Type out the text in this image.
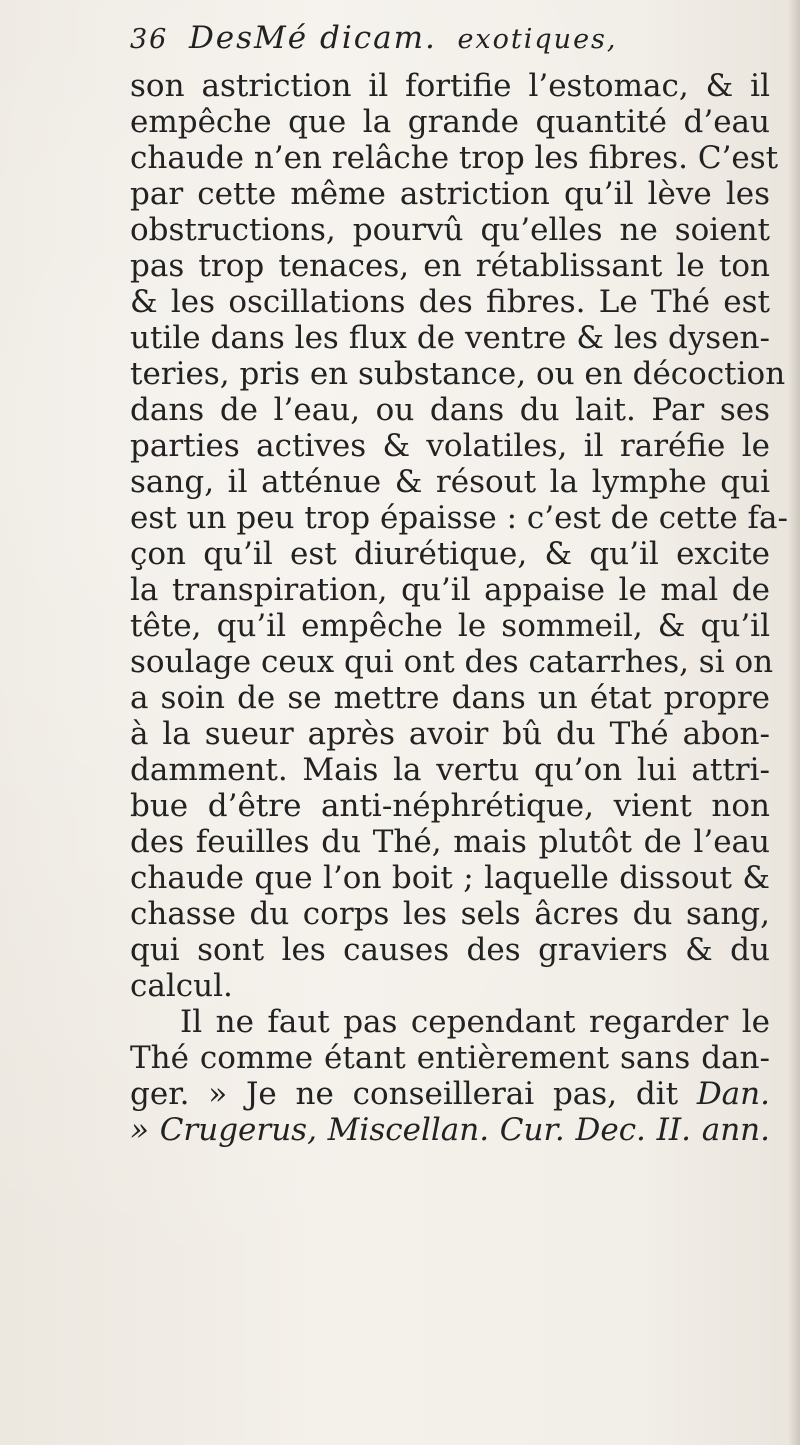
36 DesMé dicam. exotiques,
son astriction il fortifie l’estomac, & il
empêche que la grande quantité d’eau
chaude n’en relâche trop les fibres. C’est
par cette même astriction qu’il lève les
obstructions, pourvû qu’elles ne soient
pas trop tenaces, en rétablissant le ton
& les oscillations des fibres. Le Thé est
utile dans les flux de ventre & les dysen-
teries, pris en substance, ou en décoction
dans de l’eau, ou dans du lait. Par ses
parties actives & volatiles, il raréfie le
sang, il atténue & résout la lymphe qui
est un peu trop épaisse : c’est de cette fa-
çon qu’il est diurétique, & qu’il excite
la transpiration, qu’il appaise le mal de
tête, qu’il empêche le sommeil, & qu’il
soulage ceux qui ont des catarrhes, si on
a soin de se mettre dans un état propre
à la sueur après avoir bû du Thé abon-
damment. Mais la vertu qu’on lui attri-
bue d’être anti-néphrétique, vient non
des feuilles du Thé, mais plutôt de l’eau
chaude que l’on boit ; laquelle dissout &
chasse du corps les sels âcres du sang,
qui sont les causes des graviers & du
calcul.
Il ne faut pas cependant regarder le
Thé comme étant entièrement sans dan-
ger. » Je ne conseillerai pas, dit Dan.
» Crugerus, Miscellan. Cur. Dec. II. ann.
